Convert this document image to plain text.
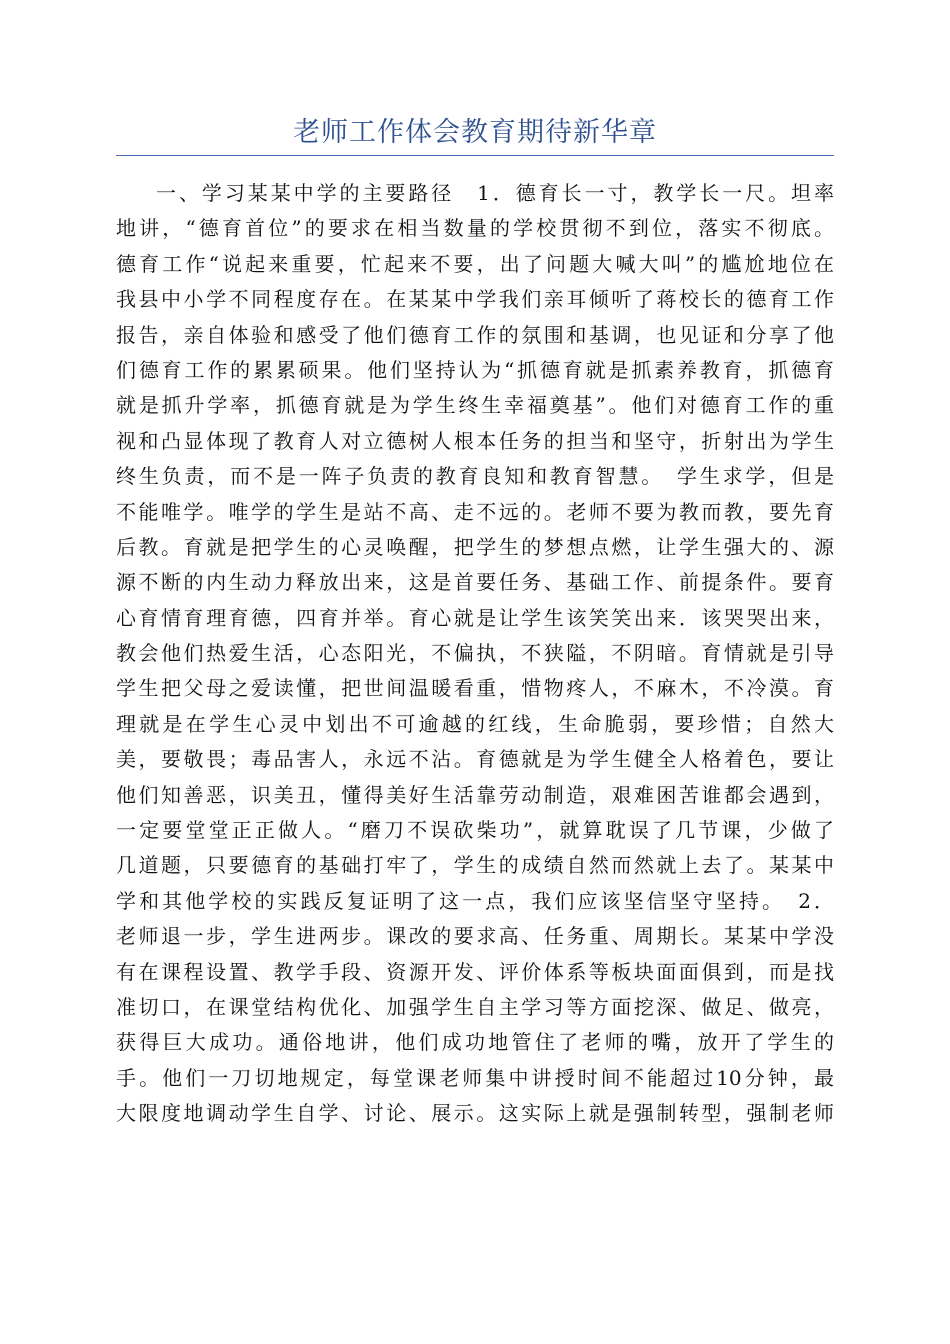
老师工作体会教育期待新华章
一、学习某某中学的主要路径　1．德育长一寸，教学长一尺。坦率
地讲，“德育首位”的要求在相当数量的学校贯彻不到位，落实不彻底。
德育工作“说起来重要，忙起来不要，出了问题大喊大叫”的尴尬地位在
我县中小学不同程度存在。在某某中学我们亲耳倾听了蒋校长的德育工作
报告，亲自体验和感受了他们德育工作的氛围和基调，也见证和分享了他
们德育工作的累累硕果。他们坚持认为“抓德育就是抓素养教育，抓德育
就是抓升学率，抓德育就是为学生终生幸福奠基”。他们对德育工作的重
视和凸显体现了教育人对立德树人根本任务的担当和坚守，折射出为学生
终生负责，而不是一阵子负责的教育良知和教育智慧。　学生求学，但是
不能唯学。唯学的学生是站不高、走不远的。老师不要为教而教，要先育
后教。育就是把学生的心灵唤醒，把学生的梦想点燃，让学生强大的、源
源不断的内生动力释放出来，这是首要任务、基础工作、前提条件。要育
心育情育理育德，四育并举。育心就是让学生该笑笑出来．该哭哭出来，
教会他们热爱生活，心态阳光，不偏执，不狭隘，不阴暗。育情就是引导
学生把父母之爱读懂，把世间温暖看重，惜物疼人，不麻木，不冷漠。育
理就是在学生心灵中划出不可逾越的红线，生命脆弱，要珍惜；自然大
美，要敬畏；毒品害人，永远不沾。育德就是为学生健全人格着色，要让
他们知善恶，识美丑，懂得美好生活靠劳动制造，艰难困苦谁都会遇到，
一定要堂堂正正做人。“磨刀不误砍柴功”，就算耽误了几节课，少做了
几道题，只要德育的基础打牢了，学生的成绩自然而然就上去了。某某中
学和其他学校的实践反复证明了这一点，我们应该坚信坚守坚持。　2．
老师退一步，学生进两步。课改的要求高、任务重、周期长。某某中学没
有在课程设置、教学手段、资源开发、评价体系等板块面面俱到，而是找
准切口，在课堂结构优化、加强学生自主学习等方面挖深、做足、做亮，
获得巨大成功。通俗地讲，他们成功地管住了老师的嘴，放开了学生的
手。他们一刀切地规定，每堂课老师集中讲授时间不能超过10分钟，最
大限度地调动学生自学、讨论、展示。这实际上就是强制转型，强制老师
